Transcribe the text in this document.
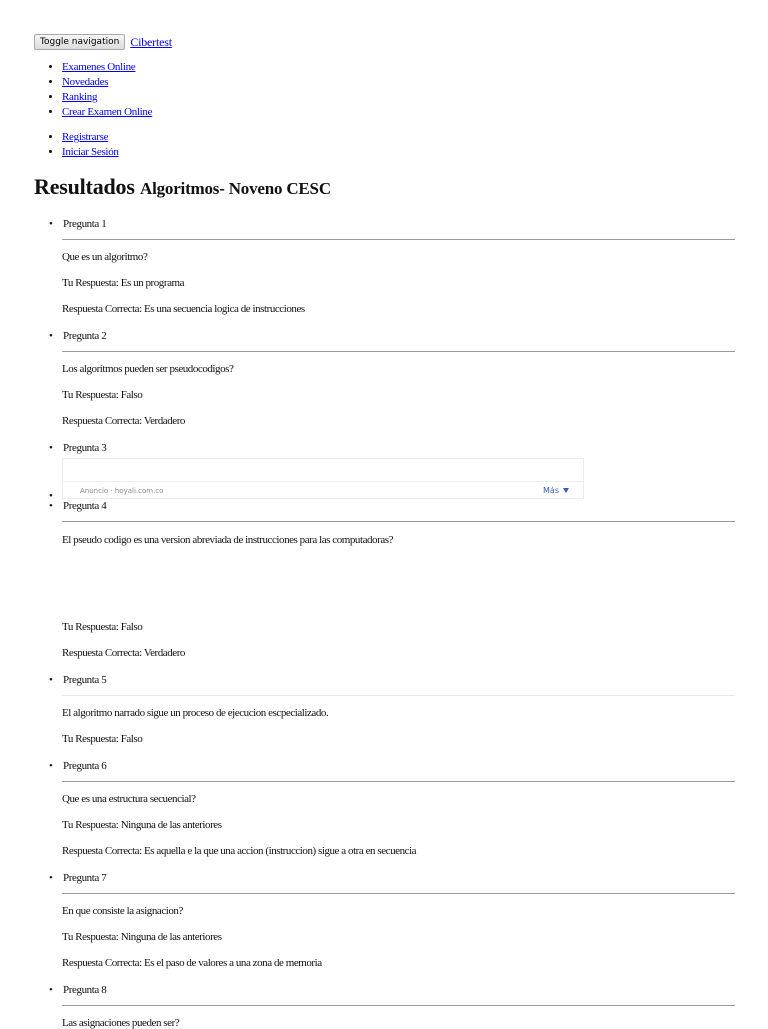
Toggle navigation Cibertest
• Examenes Online
• Novedades
• Ranking
• Crear Examen Online
• Registrarse
• Iniciar Sesión
Resultados Algoritmos- Noveno CESC
• Pregunta 1
Que es un algoritmo?
Tu Respuesta: Es un programa
Respuesta Correcta: Es una secuencia logica de instrucciones
• Pregunta 2
Los algoritmos pueden ser pseudocodigos?
Tu Respuesta: Falso
Respuesta Correcta: Verdadero
• Pregunta 3
Anuncio · hoyali.com.co	Más
•
• Pregunta 4
El pseudo codigo es una version abreviada de instrucciones para las computadoras?
Tu Respuesta: Falso
Respuesta Correcta: Verdadero
• Pregunta 5
El algoritmo narrado sigue un proceso de ejecucion escpecializado.
Tu Respuesta: Falso
• Pregunta 6
Que es una estructura secuencial?
Tu Respuesta: Ninguna de las anteriores
Respuesta Correcta: Es aquella e la que una accion (instruccion) sigue a otra en secuencia
• Pregunta 7
En que consiste la asignacion?
Tu Respuesta: Ninguna de las anteriores
Respuesta Correcta: Es el paso de valores a una zona de memoria
• Pregunta 8
Las asignaciones pueden ser?
